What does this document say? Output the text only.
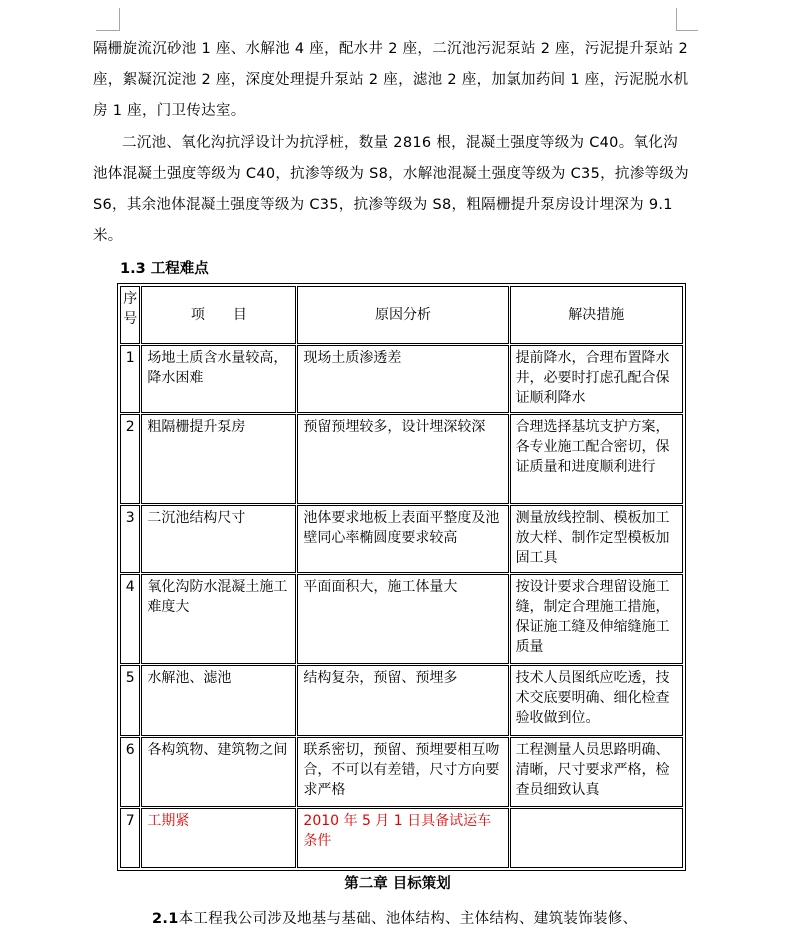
隔栅旋流沉砂池 1 座、水解池 4 座，配水井 2 座，二沉池污泥泵站 2 座，污泥提升泵站 2 座，絮凝沉淀池 2 座，深度处理提升泵站 2 座，滤池 2 座，加氯加药间 1 座，污泥脱水机房 1 座，门卫传达室。

二沉池、氧化沟抗浮设计为抗浮桩，数量 2816 根，混凝土强度等级为 C40。氧化沟池体混凝土强度等级为 C40，抗渗等级为 S8，水解池混凝土强度等级为 C35，抗渗等级为 S6，其余池体混凝土强度等级为 C35，抗渗等级为 S8，粗隔栅提升泵房设计埋深为 9.1 米。

1.3 工程难点
序号	项　　目	原因分析	解决措施
1	场地土质含水量较高，降水困难	现场土质渗透差	提前降水，合理布置降水井，必要时打虑孔配合保证顺利降水
2	粗隔栅提升泵房	预留预埋较多，设计埋深较深	合理选择基坑支护方案，各专业施工配合密切，保证质量和进度顺利进行
3	二沉池结构尺寸	池体要求地板上表面平整度及池壁同心率椭圆度要求较高	测量放线控制、模板加工放大样、制作定型模板加固工具
4	氧化沟防水混凝土施工难度大	平面面积大，施工体量大	按设计要求合理留设施工缝，制定合理施工措施，保证施工缝及伸缩缝施工质量
5	水解池、滤池	结构复杂，预留、预埋多	技术人员图纸应吃透，技术交底要明确、细化检查验收做到位。
6	各构筑物、建筑物之间	联系密切，预留、预埋要相互吻合，不可以有差错，尺寸方向要求严格	工程测量人员思路明确、清晰，尺寸要求严格，检查员细致认真
7	工期紧	2010 年 5 月 1 日具备试运车条件	
第二章 目标策划
2.1本工程我公司涉及地基与基础、池体结构、主体结构、建筑装饰装修、
